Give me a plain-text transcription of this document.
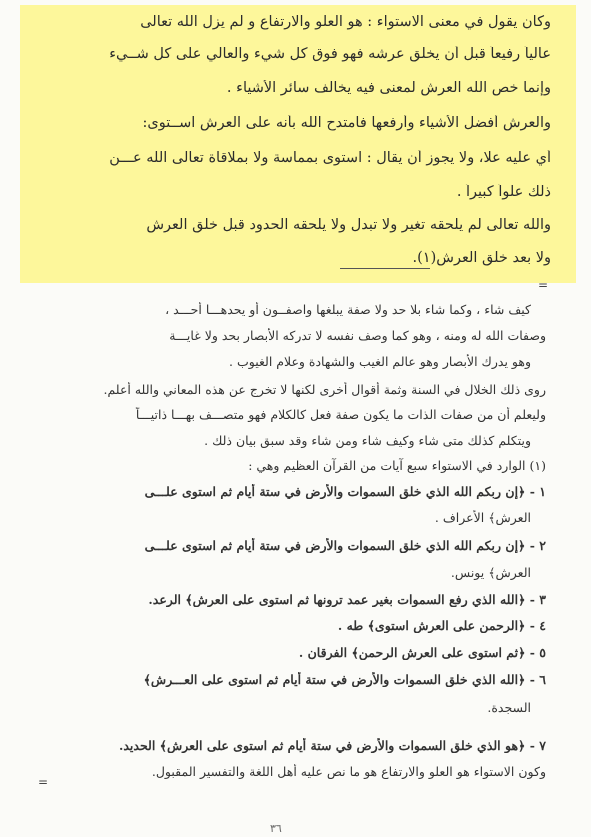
وكان يقول في معنى الاستواء : هو العلو والارتفاع و لم يزل الله تعالى
عالياً رفيعاً قبل أن يخلق عرشه فهو فوق كل شيء والعالي على كل شــيء
وإنما خص الله العرش لمعنى فيه يخالف سائر الأشياء .
والعرش أفضل الأشياء وأرفعها فامتدح الله بأنه على العرش اســتوى:
أي عليه علا، ولا يجوز أن يقال : استوى بمماسة ولا بملاقاة تعالى الله عـــن
ذلك علواً كبيراً .
والله تعالى لم يلحقه تغير ولا تبدل ولا يلحقه الحدود قبل خلق العرش
ولا بعد خلق العرش(١).
=
كيف شاء ، وكما شاء بلا حد ولا صفة يبلغها واصفــون أو يحدهـــا أحـــد ،
وصفات الله له ومنه ، وهو كما وصف نفسه لا تدركه الأبصار بحد ولا غايـــة
وهو يدرك الأبصار وهو عالم الغيب والشهادة وعلام الغيوب .
روى ذلك الخلال في السنة وثمة أقوال أخرى لكنها لا تخرج عن هذه المعاني والله أعلم.
وليعلم أن من صفات الذات ما يكون صفة فعل كالكلام فهو متصـــف بهـــا ذاتيـــاً
ويتكلم كذلك متى شاء وكيف شاء ومن شاء وقد سبق بيان ذلك .
(١) الوارد في الاستواء سبع آيات من القرآن العظيم وهي :
١ - ﴿إن ربكم الله الذي خلق السموات والأرض في ستة أيام ثم استوى علـــى
العرش﴾ الأعراف .
٢ - ﴿إن ربكم الله الذي خلق السموات والأرض في ستة أيام ثم استوى علـــى
العرش﴾ يونس.
٣ - ﴿الله الذي رفع السموات بغير عمد ترونها ثم استوى على العرش﴾ الرعد.
٤ - ﴿الرحمن على العرش استوى﴾ طه .
٥ - ﴿ثم استوى على العرش الرحمن﴾ الفرقان .
٦ - ﴿الله الذي خلق السموات والأرض في ستة أيام ثم استوى على العـــرش﴾
السجدة.
٧ - ﴿هو الذي خلق السموات والأرض في ستة أيام ثم استوى على العرش﴾ الحديد.
وكون الاستواء هو العلو والارتفاع هو ما نص عليه أهل اللغة والتفسير المقبول.
=
٣٦
